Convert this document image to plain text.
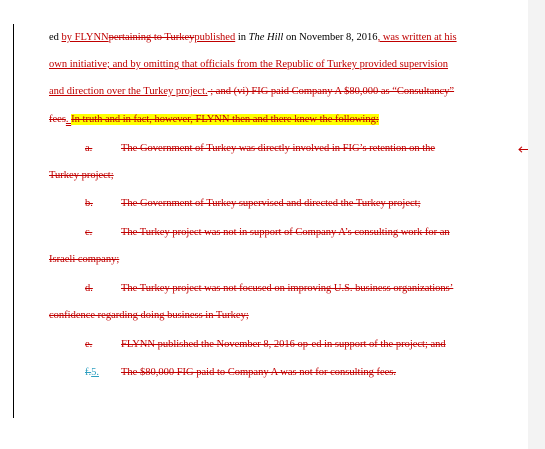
ed by FLYNNpertaining to Turkeypublished in The Hill on November 8, 2016, was written at his
own initiative; and by omitting that officials from the Republic of Turkey provided supervision
and direction over the Turkey project. ; and (vi) FIG paid Company A $80,000 as “Consultancy”
fees. In truth and in fact, however, FLYNN then and there knew the following:
a.	The Government of Turkey was directly involved in FIG’s retention on the
Turkey project;
b.	The Government of Turkey supervised and directed the Turkey project;
c.	The Turkey project was not in support of Company A’s consulting work for an
Israeli company;
d.	The Turkey project was not focused on improving U.S. business organizations’
confidence regarding doing business in Turkey;
e.	FLYNN published the November 8, 2016 op-ed in support of the project; and
f.5. The $80,000 FIG paid to Company A was not for consulting fees.
